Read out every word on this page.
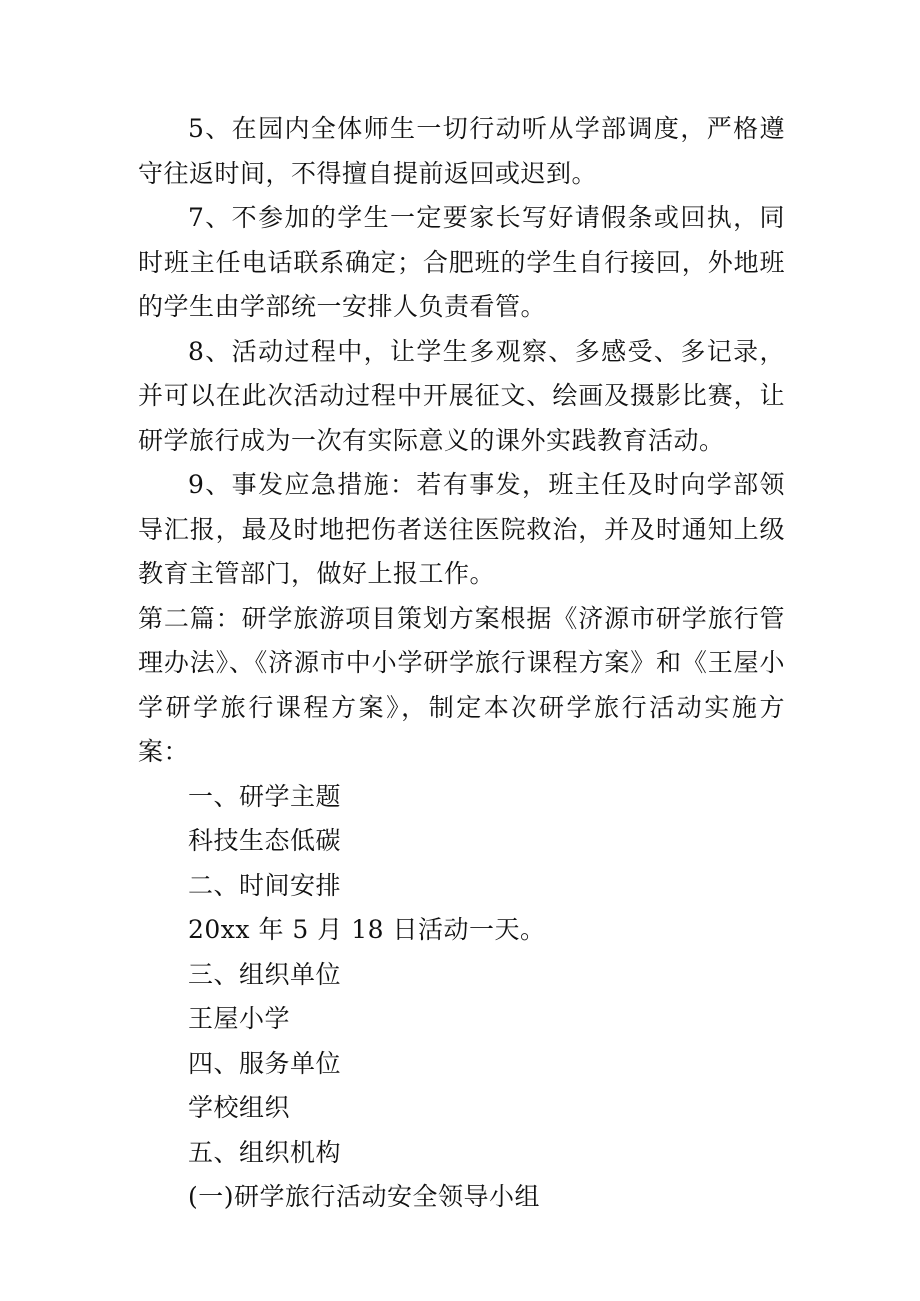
5、在园内全体师生一切行动听从学部调度，严格遵守往返时间，不得擅自提前返回或迟到。

7、不参加的学生一定要家长写好请假条或回执，同时班主任电话联系确定；合肥班的学生自行接回，外地班的学生由学部统一安排人负责看管。

8、活动过程中，让学生多观察、多感受、多记录，并可以在此次活动过程中开展征文、绘画及摄影比赛，让研学旅行成为一次有实际意义的课外实践教育活动。

9、事发应急措施：若有事发，班主任及时向学部领导汇报，最及时地把伤者送往医院救治，并及时通知上级教育主管部门，做好上报工作。

第二篇：研学旅游项目策划方案根据《济源市研学旅行管理办法》、《济源市中小学研学旅行课程方案》和《王屋小学研学旅行课程方案》，制定本次研学旅行活动实施方案：

一、研学主题

科技生态低碳

二、时间安排

20xx 年 5 月 18 日活动一天。

三、组织单位

王屋小学

四、服务单位

学校组织

五、组织机构

(一)研学旅行活动安全领导小组
